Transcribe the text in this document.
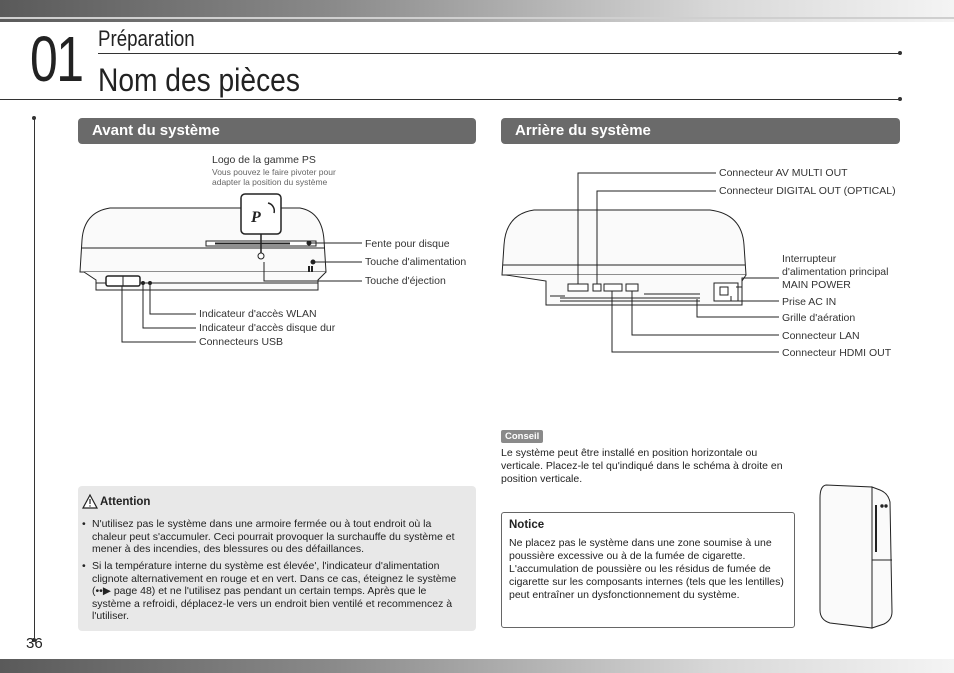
01 Préparation
Nom des pièces
Avant du système	Arrière du système
P
Logo de la gamme PS
Vous pouvez le faire pivoter pour
adapter la position du système
Fente pour disque
Touche d'alimentation
Touche d'éjection
Indicateur d'accès WLAN
Indicateur d'accès disque dur
Connecteurs USB
Connecteur AV MULTI OUT
Connecteur DIGITAL OUT (OPTICAL)
Interrupteur
d'alimentation principal
MAIN POWER
Prise AC IN
Grille d'aération
Connecteur LAN
Connecteur HDMI OUT
Attention
• N'utilisez pas le système dans une armoire fermée ou à tout endroit où la chaleur peut s'accumuler. Ceci pourrait provoquer la surchauffe du système et mener à des incendies, des blessures ou des défaillances.
• Si la température interne du système est élevée', l'indicateur d'alimentation clignote alternativement en rouge et en vert. Dans ce cas, éteignez le système (••▶ page 48) et ne l'utilisez pas pendant un certain temps. Après que le système a refroidi, déplacez-le vers un endroit bien ventilé et recommencez à l'utiliser.
Conseil
Le système peut être installé en position horizontale ou verticale. Placez-le tel qu'indiqué dans le schéma à droite en position verticale.
Notice
Ne placez pas le système dans une zone soumise à une poussière excessive ou à de la fumée de cigarette. L'accumulation de poussière ou les résidus de fumée de cigarette sur les composants internes (tels que les lentilles) peut entraîner un dysfonctionnement du système.
36
